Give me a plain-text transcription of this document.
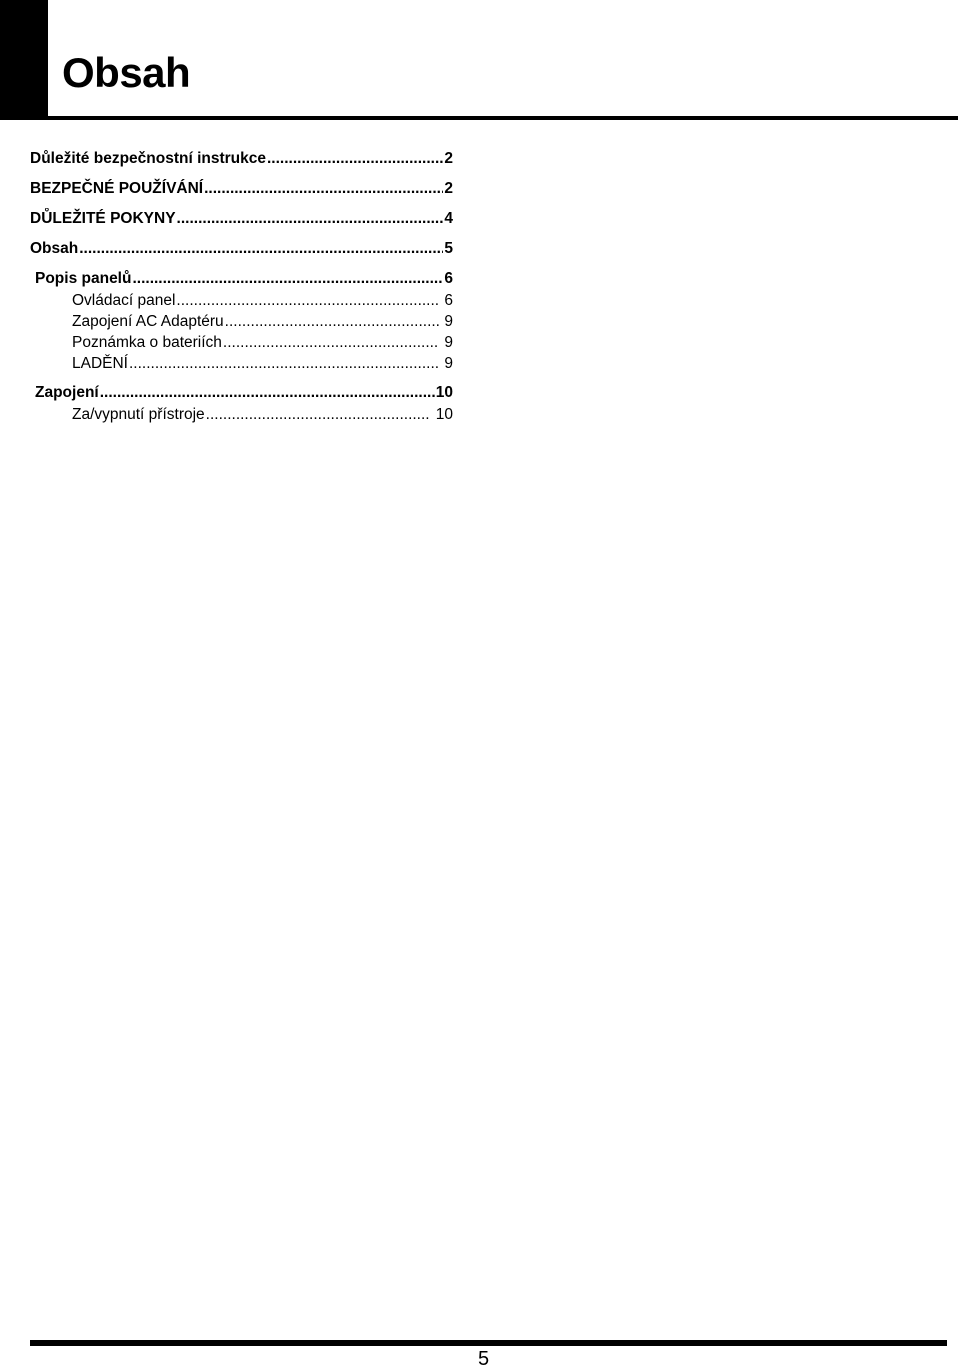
Obsah
Důležité bezpečnostní instrukce .....	2
BEZPEČNÉ POUŽÍVÁNÍ .....	2
DŮLEŽITÉ POKYNY .....	4
Obsah .....	5
Popis panelů .....	6
Ovládací panel .....	6
Zapojení AC Adaptéru .....	9
Poznámka o bateriích .....	9
LADĚNÍ .....	9
Zapojení .....	10
Za/vypnutí přístroje .....	10
5
